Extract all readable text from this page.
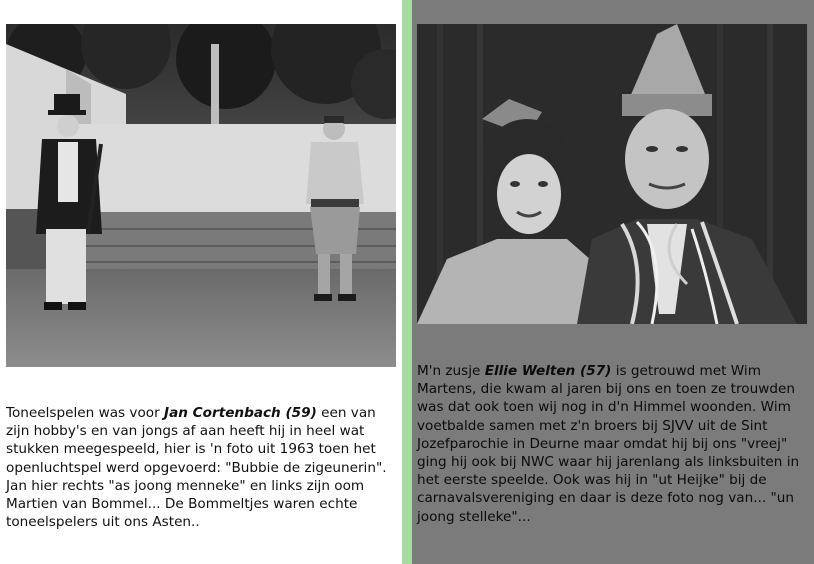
Toneelspelen was voor Jan Cortenbach (59) een van zijn hobby's en van jongs af aan heeft hij in heel wat stukken meegespeeld, hier is 'n foto uit 1963 toen het openluchtspel werd opgevoerd: "Bubbie de zigeunerin". Jan hier rechts "as joong menneke" en links zijn oom Martien van Bommel... De Bommeltjes waren echte toneelspelers uit ons Asten..
M'n zusje Ellie Welten (57) is getrouwd met Wim Martens, die kwam al jaren bij ons en toen ze trouwden was dat ook toen wij nog in d'n Himmel woonden. Wim voetbalde samen met z'n broers bij SJVV uit de Sint Jozefparochie in Deurne maar omdat hij bij ons "vreej" ging hij ook bij NWC waar hij jarenlang als linksbuiten in het eerste speelde. Ook was hij in "ut Heijke" bij de carnavalsvereniging en daar is deze foto nog van... "un joong stelleke"...
